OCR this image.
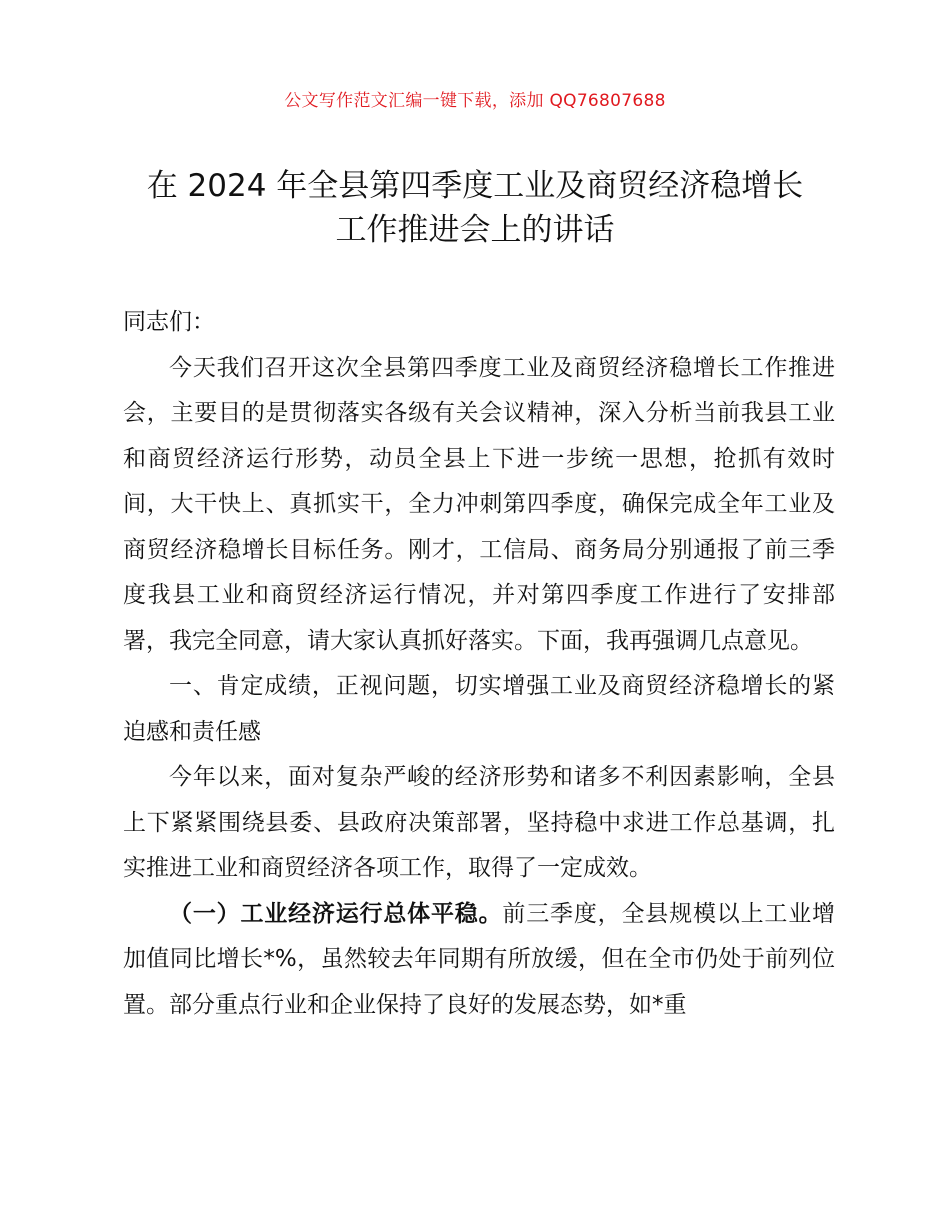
公文写作范文汇编一键下载，添加 QQ76807688
在 2024 年全县第四季度工业及商贸经济稳增长
工作推进会上的讲话

同志们：

今天我们召开这次全县第四季度工业及商贸经济稳增长工作推进会，主要目的是贯彻落实各级有关会议精神，深入分析当前我县工业和商贸经济运行形势，动员全县上下进一步统一思想，抢抓有效时间，大干快上、真抓实干，全力冲刺第四季度，确保完成全年工业及商贸经济稳增长目标任务。刚才，工信局、商务局分别通报了前三季度我县工业和商贸经济运行情况，并对第四季度工作进行了安排部署，我完全同意，请大家认真抓好落实。下面，我再强调几点意见。

一、肯定成绩，正视问题，切实增强工业及商贸经济稳增长的紧迫感和责任感

今年以来，面对复杂严峻的经济形势和诸多不利因素影响，全县上下紧紧围绕县委、县政府决策部署，坚持稳中求进工作总基调，扎实推进工业和商贸经济各项工作，取得了一定成效。

（一）工业经济运行总体平稳。前三季度，全县规模以上工业增加值同比增长*%，虽然较去年同期有所放缓，但在全市仍处于前列位置。部分重点行业和企业保持了良好的发展态势，如*重
